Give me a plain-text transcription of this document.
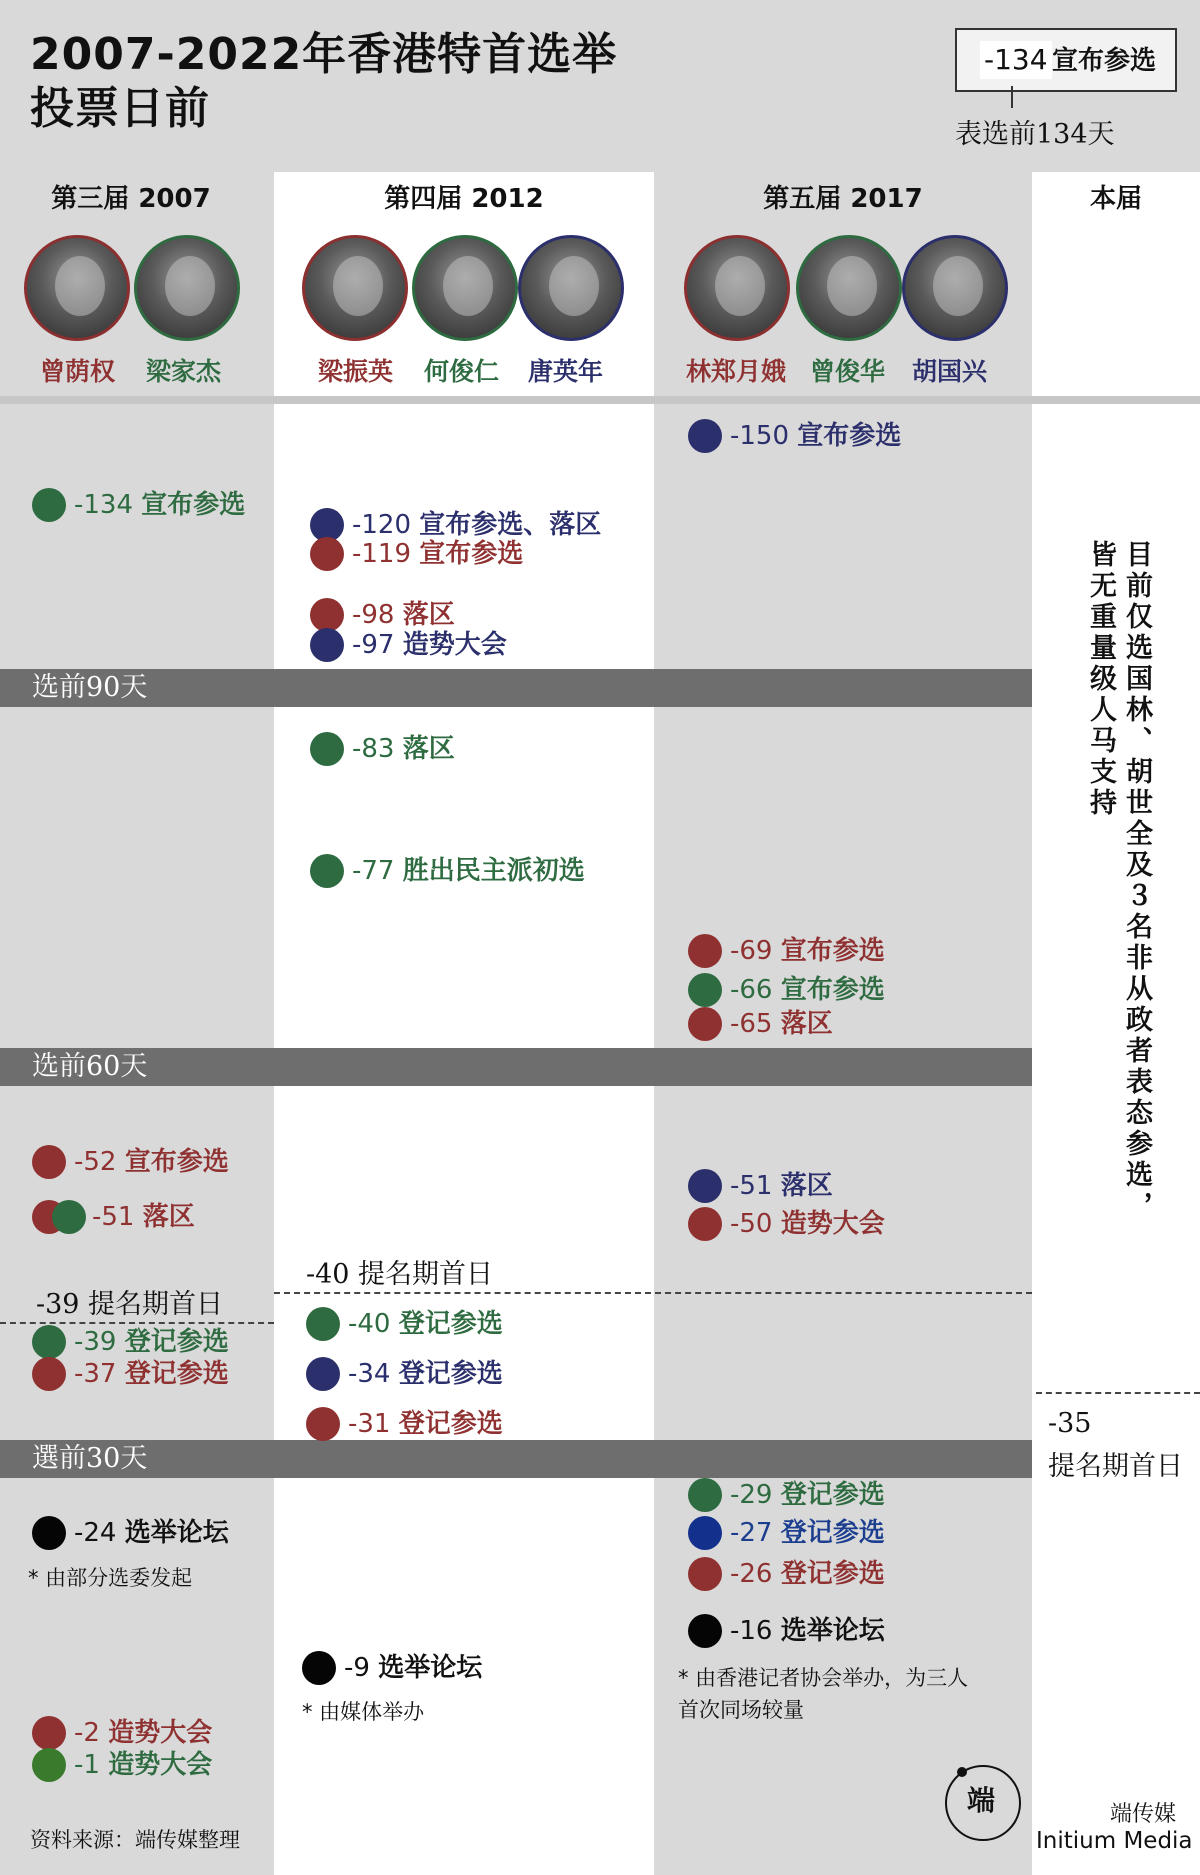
2007-2022年香港特首选举
投票日前
-134 宣布参选
表选前134天
第三届 2007	第四届 2012	第五届 2017	本届
曾荫权 梁家杰	梁振英 何俊仁 唐英年	林郑月娥 曾俊华 胡国兴
选前90天
选前60天
選前30天
-134 宣布参选
-52 宣布参选
-51 落区
-39 提名期首日
-39 登记参选
-37 登记参选
-24 选举论坛
* 由部分选委发起
-2 造势大会
-1 造势大会
资料来源：端传媒整理
-120 宣布参选、落区
-119 宣布参选
-98 落区
-97 造势大会
-83 落区
-77 胜出民主派初选
-40 提名期首日
-40 登记参选
-34 登记参选
-31 登记参选
-9 选举论坛
* 由媒体举办
-150 宣布参选
-69 宣布参选
-66 宣布参选
-65 落区
-51 落区
-50 造势大会
-29 登记参选
-27 登记参选
-26 登记参选
-16 选举论坛
* 由香港记者协会举办，为三人
首次同场较量
目前仅选国林、胡世全及３名非从政者表态参选，
皆无重量级人马支持
-35
提名期首日
端	端传媒
Initium Media
